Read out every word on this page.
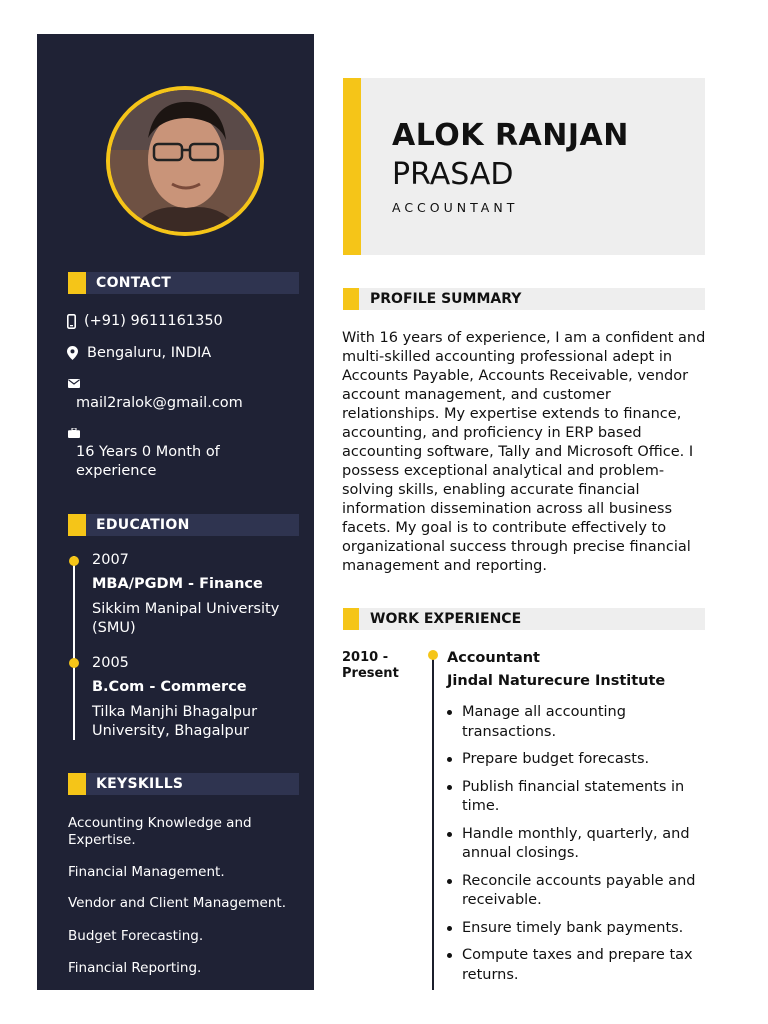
CONTACT
(+91) 9611161350
Bengaluru, INDIA
mail2ralok@gmail.com
16 Years 0 Month of experience
EDUCATION
2007
MBA/PGDM - Finance
Sikkim Manipal University (SMU)
2005
B.Com - Commerce
Tilka Manjhi Bhagalpur University, Bhagalpur
KEYSKILLS
Accounting Knowledge and Expertise.
Financial Management.
Vendor and Client Management.
Budget Forecasting.
Financial Reporting.
ALOK RANJAN
PRASAD
ACCOUNTANT
PROFILE SUMMARY
With 16 years of experience, I am a confident and multi-skilled accounting professional adept in Accounts Payable, Accounts Receivable, vendor account management, and customer relationships. My expertise extends to finance, accounting, and proficiency in ERP based accounting software, Tally and Microsoft Office. I possess exceptional analytical and problem-solving skills, enabling accurate financial information dissemination across all business facets. My goal is to contribute effectively to organizational success through precise financial management and reporting.
WORK EXPERIENCE
2010 - Present
Accountant
Jindal Naturecure Institute
Manage all accounting transactions.
Prepare budget forecasts.
Publish financial statements in time.
Handle monthly, quarterly, and annual closings.
Reconcile accounts payable and receivable.
Ensure timely bank payments.
Compute taxes and prepare tax returns.
